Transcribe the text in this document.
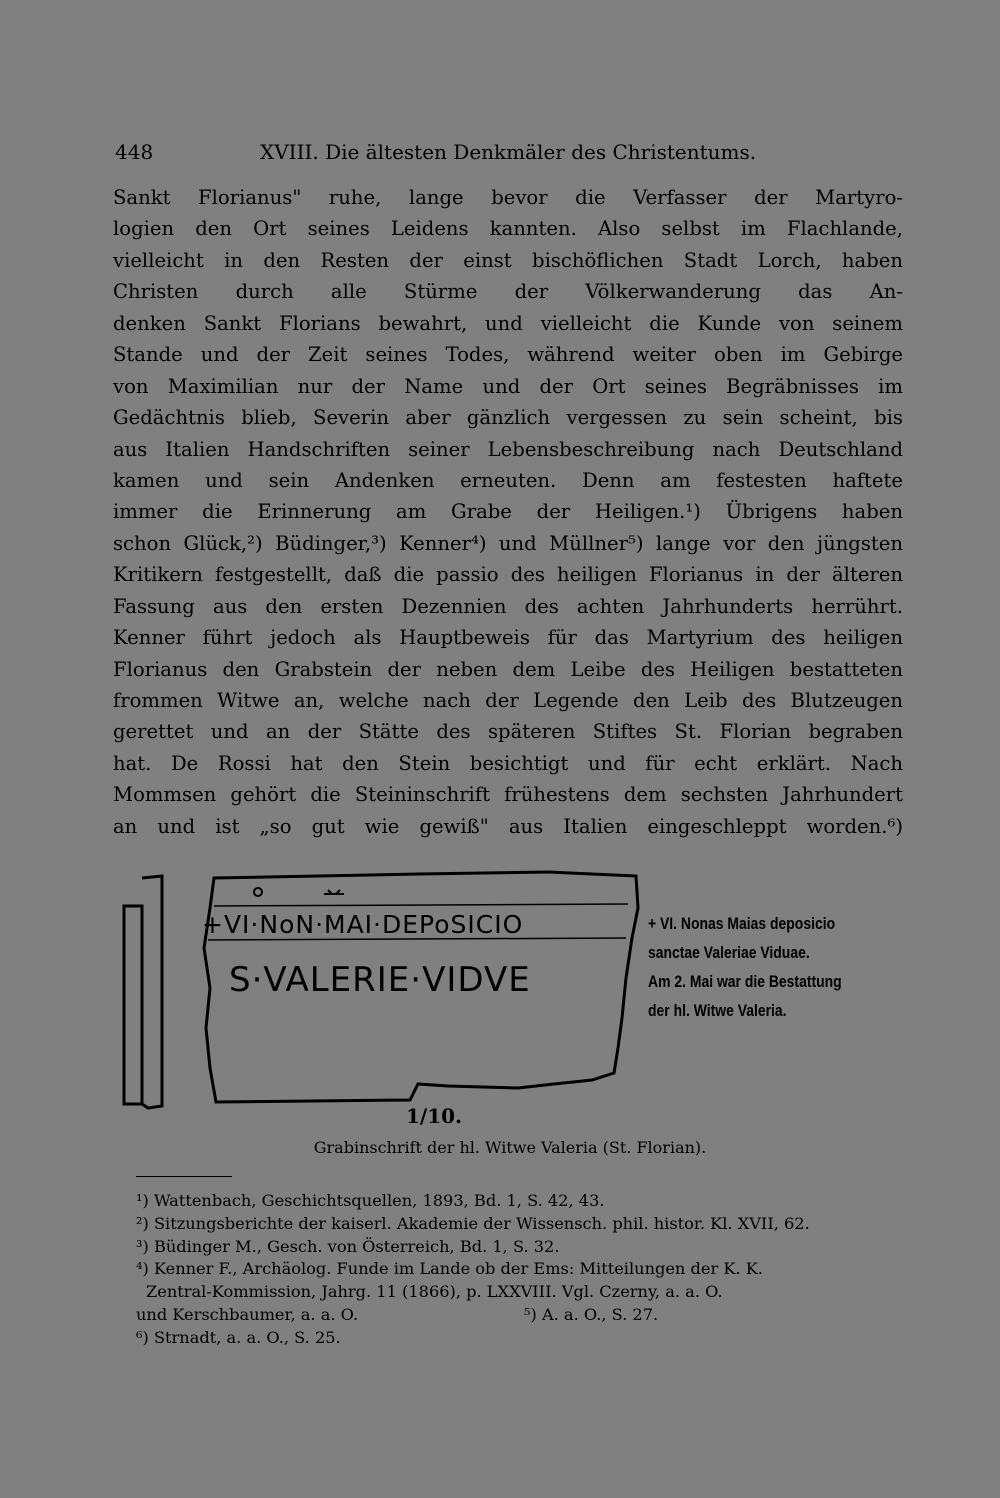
448	XVIII. Die ältesten Denkmäler des Christentums.
Sankt Florianus" ruhe, lange bevor die Verfasser der Martyro-
logien den Ort seines Leidens kannten. Also selbst im Flachlande,
vielleicht in den Resten der einst bischöflichen Stadt Lorch, haben
Christen durch alle Stürme der Völkerwanderung das An-
denken Sankt Florians bewahrt, und vielleicht die Kunde von seinem
Stande und der Zeit seines Todes, während weiter oben im Gebirge
von Maximilian nur der Name und der Ort seines Begräbnisses im
Gedächtnis blieb, Severin aber gänzlich vergessen zu sein scheint, bis
aus Italien Handschriften seiner Lebensbeschreibung nach Deutschland
kamen und sein Andenken erneuten. Denn am festesten haftete
immer die Erinnerung am Grabe der Heiligen.¹) Übrigens haben
schon Glück,²) Büdinger,³) Kenner⁴) und Müllner⁵) lange vor den jüngsten
Kritikern festgestellt, daß die passio des heiligen Florianus in der älteren
Fassung aus den ersten Dezennien des achten Jahrhunderts herrührt.
Kenner führt jedoch als Hauptbeweis für das Martyrium des heiligen
Florianus den Grabstein der neben dem Leibe des Heiligen bestatteten
frommen Witwe an, welche nach der Legende den Leib des Blutzeugen
gerettet und an der Stätte des späteren Stiftes St. Florian begraben
hat. De Rossi hat den Stein besichtigt und für echt erklärt. Nach
Mommsen gehört die Steininschrift frühestens dem sechsten Jahrhundert
an und ist „so gut wie gewiß" aus Italien eingeschleppt worden.⁶)
+VI·NoN·MAI·DEPoSICIO
S·VALERIE·VIDVE
1/10.
+ VI. Nonas Maias deposicio
sanctae Valeriae Viduae.
Am 2. Mai war die Bestattung
der hl. Witwe Valeria.
Grabinschrift der hl. Witwe Valeria (St. Florian).
¹) Wattenbach, Geschichtsquellen, 1893, Bd. 1, S. 42, 43.
²) Sitzungsberichte der kaiserl. Akademie der Wissensch. phil. histor. Kl. XVII, 62.
³) Büdinger M., Gesch. von Österreich, Bd. 1, S. 32.
⁴) Kenner F., Archäolog. Funde im Lande ob der Ems: Mitteilungen der K. K.
Zentral-Kommission, Jahrg. 11 (1866), p. LXXVIII. Vgl. Czerny, a. a. O.
und Kerschbaumer, a. a. O.	⁵) A. a. O., S. 27.
⁶) Strnadt, a. a. O., S. 25.
